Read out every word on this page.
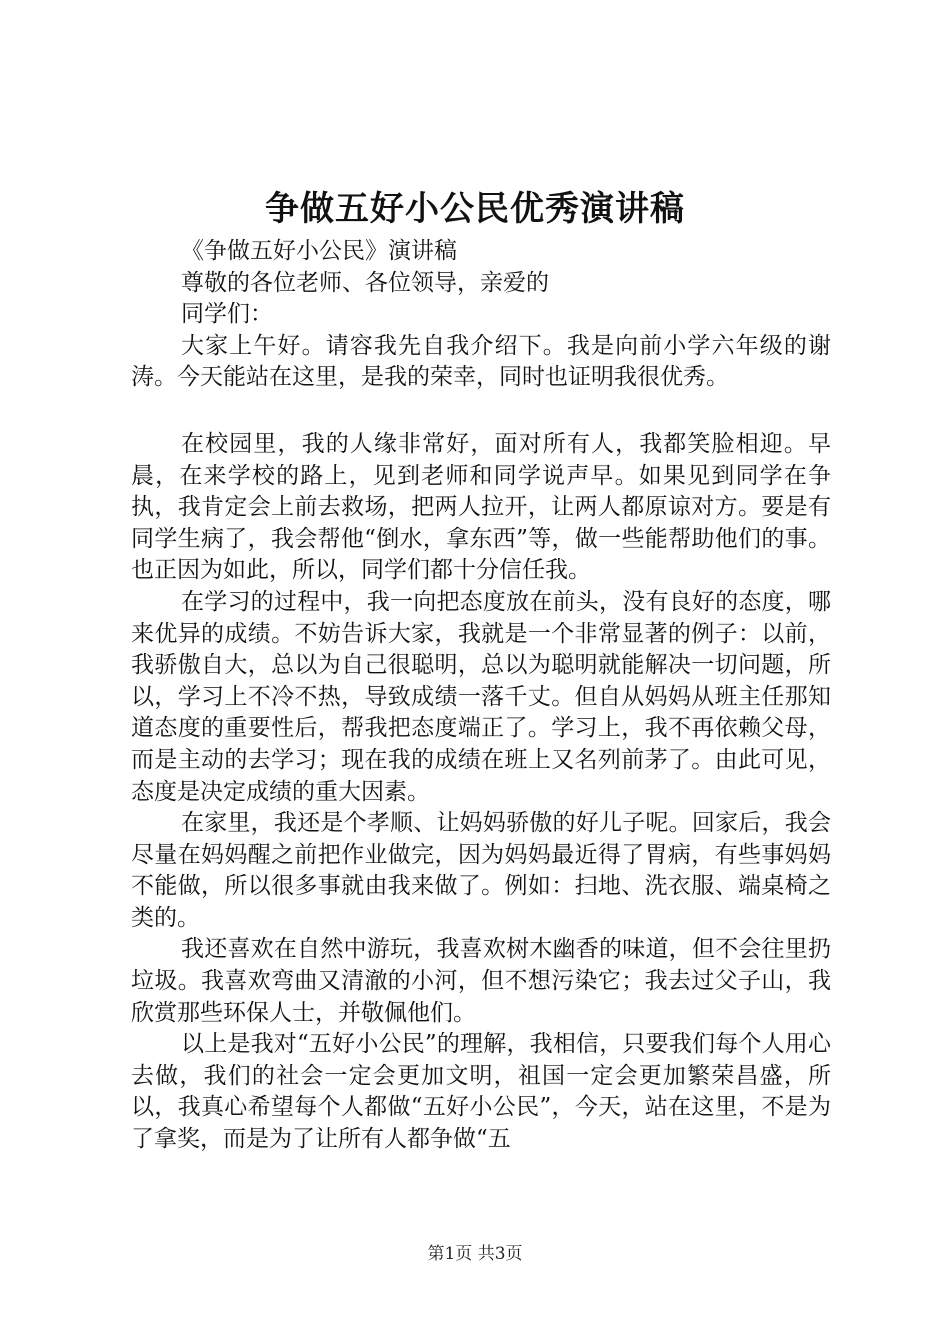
争做五好小公民优秀演讲稿
《争做五好小公民》演讲稿
尊敬的各位老师、各位领导，亲爱的
同学们：

大家上午好。请容我先自我介绍下。我是向前小学六年级的谢涛。今天能站在这里，是我的荣幸，同时也证明我很优秀。

在校园里，我的人缘非常好，面对所有人，我都笑脸相迎。早晨，在来学校的路上，见到老师和同学说声早。如果见到同学在争执，我肯定会上前去救场，把两人拉开，让两人都原谅对方。要是有同学生病了，我会帮他“倒水，拿东西”等，做一些能帮助他们的事。也正因为如此，所以，同学们都十分信任我。

在学习的过程中，我一向把态度放在前头，没有良好的态度，哪来优异的成绩。不妨告诉大家，我就是一个非常显著的例子：以前，我骄傲自大，总以为自己很聪明，总以为聪明就能解决一切问题，所以，学习上不冷不热，导致成绩一落千丈。但自从妈妈从班主任那知道态度的重要性后，帮我把态度端正了。学习上，我不再依赖父母，而是主动的去学习；现在我的成绩在班上又名列前茅了。由此可见，态度是决定成绩的重大因素。

在家里，我还是个孝顺、让妈妈骄傲的好儿子呢。回家后，我会尽量在妈妈醒之前把作业做完，因为妈妈最近得了胃病，有些事妈妈不能做，所以很多事就由我来做了。例如：扫地、洗衣服、端桌椅之类的。

我还喜欢在自然中游玩，我喜欢树木幽香的味道，但不会往里扔垃圾。我喜欢弯曲又清澈的小河，但不想污染它；我去过父子山，我欣赏那些环保人士，并敬佩他们。

以上是我对“五好小公民”的理解，我相信，只要我们每个人用心去做，我们的社会一定会更加文明，祖国一定会更加繁荣昌盛，所以，我真心希望每个人都做“五好小公民”，今天，站在这里，不是为了拿奖，而是为了让所有人都争做“五

第1页 共3页
